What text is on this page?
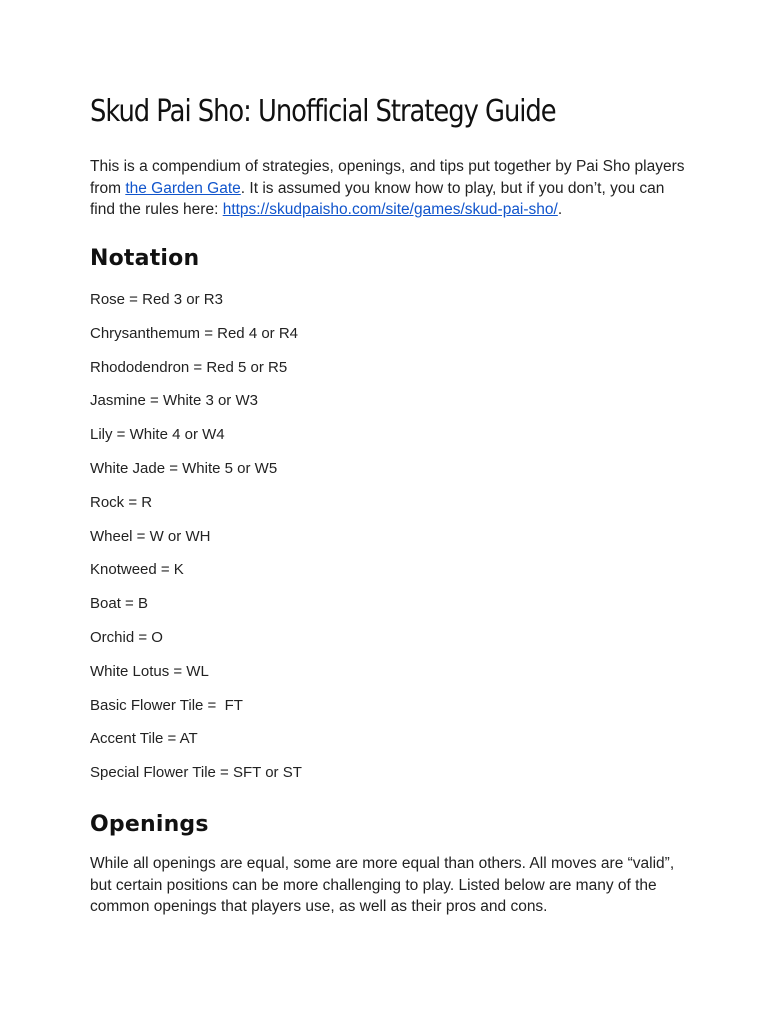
Skud Pai Sho: Unofficial Strategy Guide

This is a compendium of strategies, openings, and tips put together by Pai Sho players from the Garden Gate. It is assumed you know how to play, but if you don’t, you can find the rules here: https://skudpaisho.com/site/games/skud-pai-sho/.

Notation
Rose = Red 3 or R3
Chrysanthemum = Red 4 or R4
Rhododendron = Red 5 or R5
Jasmine = White 3 or W3
Lily = White 4 or W4
White Jade = White 5 or W5
Rock = R
Wheel = W or WH
Knotweed = K
Boat = B
Orchid = O
White Lotus = WL
Basic Flower Tile =  FT
Accent Tile = AT
Special Flower Tile = SFT or ST
Openings

While all openings are equal, some are more equal than others. All moves are “valid”, but certain positions can be more challenging to play. Listed below are many of the common openings that players use, as well as their pros and cons.
